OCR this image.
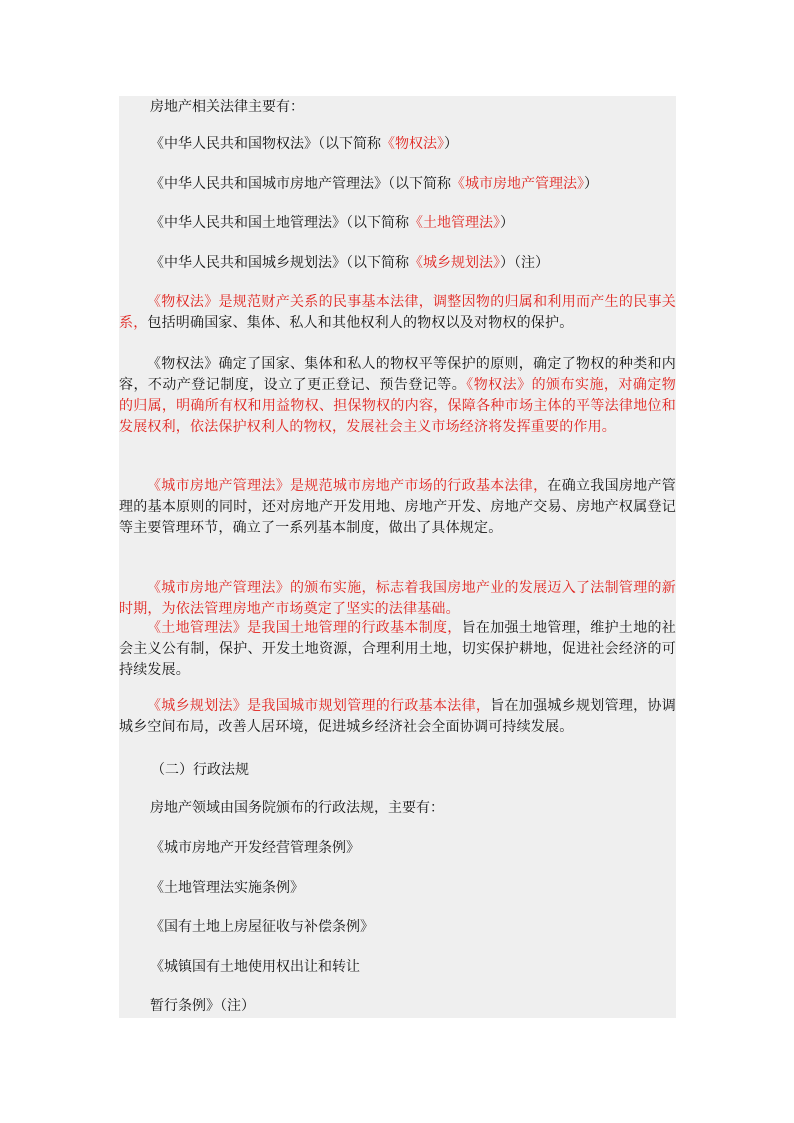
房地产相关法律主要有：
《中华人民共和国物权法》（以下简称《物权法》）
《中华人民共和国城市房地产管理法》（以下简称《城市房地产管理法》）
《中华人民共和国土地管理法》（以下简称《土地管理法》）
《中华人民共和国城乡规划法》（以下简称《城乡规划法》）（注）

《物权法》是规范财产关系的民事基本法律，调整因物的归属和利用而产生的民事关系，包括明确国家、集体、私人和其他权利人的物权以及对物权的保护。

《物权法》确定了国家、集体和私人的物权平等保护的原则，确定了物权的种类和内容，不动产登记制度，设立了更正登记、预告登记等。《物权法》的颁布实施，对确定物的归属，明确所有权和用益物权、担保物权的内容，保障各种市场主体的平等法律地位和发展权利，依法保护权利人的物权，发展社会主义市场经济将发挥重要的作用。

《城市房地产管理法》是规范城市房地产市场的行政基本法律，在确立我国房地产管理的基本原则的同时，还对房地产开发用地、房地产开发、房地产交易、房地产权属登记等主要管理环节，确立了一系列基本制度，做出了具体规定。

《城市房地产管理法》的颁布实施，标志着我国房地产业的发展迈入了法制管理的新时期，为依法管理房地产市场奠定了坚实的法律基础。

《土地管理法》是我国土地管理的行政基本制度，旨在加强土地管理，维护土地的社会主义公有制，保护、开发土地资源，合理利用土地，切实保护耕地，促进社会经济的可持续发展。

《城乡规划法》是我国城市规划管理的行政基本法律，旨在加强城乡规划管理，协调城乡空间布局，改善人居环境，促进城乡经济社会全面协调可持续发展。

（二）行政法规
房地产领域由国务院颁布的行政法规，主要有：
《城市房地产开发经营管理条例》
《土地管理法实施条例》
《国有土地上房屋征收与补偿条例》
《城镇国有土地使用权出让和转让
暂行条例》（注）
